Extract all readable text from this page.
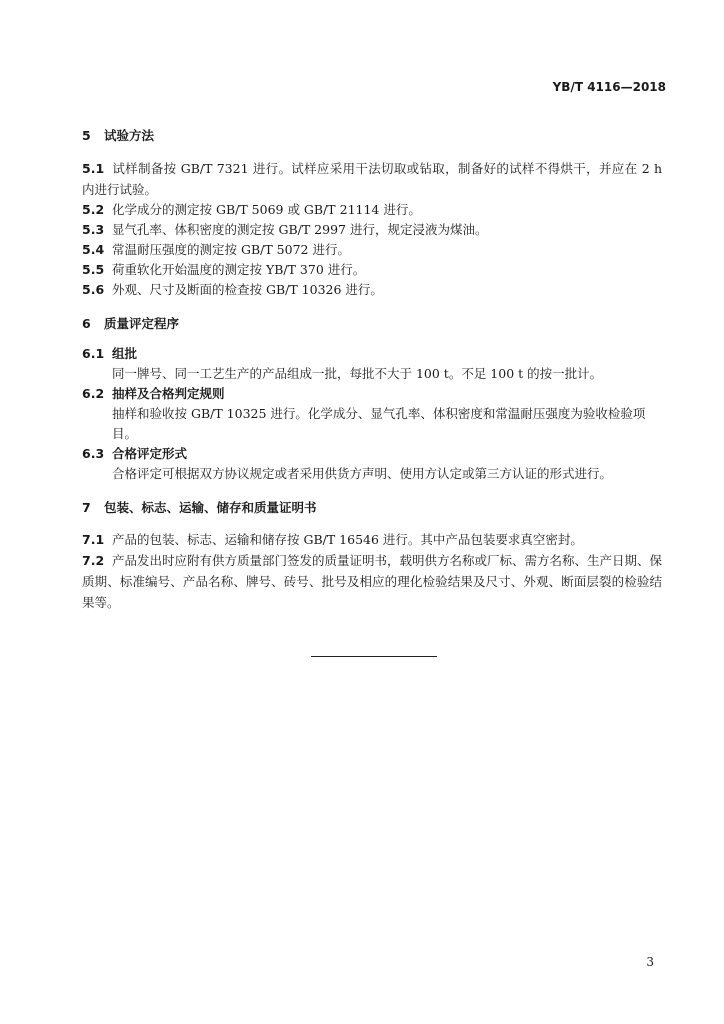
YB/T 4116—2018
5 试验方法
5.1 试样制备按 GB/T 7321 进行。试样应采用干法切取或钻取，制备好的试样不得烘干，并应在 2 h 内进行试验。
5.2 化学成分的测定按 GB/T 5069 或 GB/T 21114 进行。
5.3 显气孔率、体积密度的测定按 GB/T 2997 进行，规定浸液为煤油。
5.4 常温耐压强度的测定按 GB/T 5072 进行。
5.5 荷重软化开始温度的测定按 YB/T 370 进行。
5.6 外观、尺寸及断面的检查按 GB/T 10326 进行。
6 质量评定程序
6.1 组批
同一牌号、同一工艺生产的产品组成一批，每批不大于 100 t。不足 100 t 的按一批计。
6.2 抽样及合格判定规则
抽样和验收按 GB/T 10325 进行。化学成分、显气孔率、体积密度和常温耐压强度为验收检验项目。
6.3 合格评定形式
合格评定可根据双方协议规定或者采用供货方声明、使用方认定或第三方认证的形式进行。
7 包装、标志、运输、储存和质量证明书
7.1 产品的包装、标志、运输和储存按 GB/T 16546 进行。其中产品包装要求真空密封。
7.2 产品发出时应附有供方质量部门签发的质量证明书，载明供方名称或厂标、需方名称、生产日期、保质期、标准编号、产品名称、牌号、砖号、批号及相应的理化检验结果及尺寸、外观、断面层裂的检验结果等。
3
